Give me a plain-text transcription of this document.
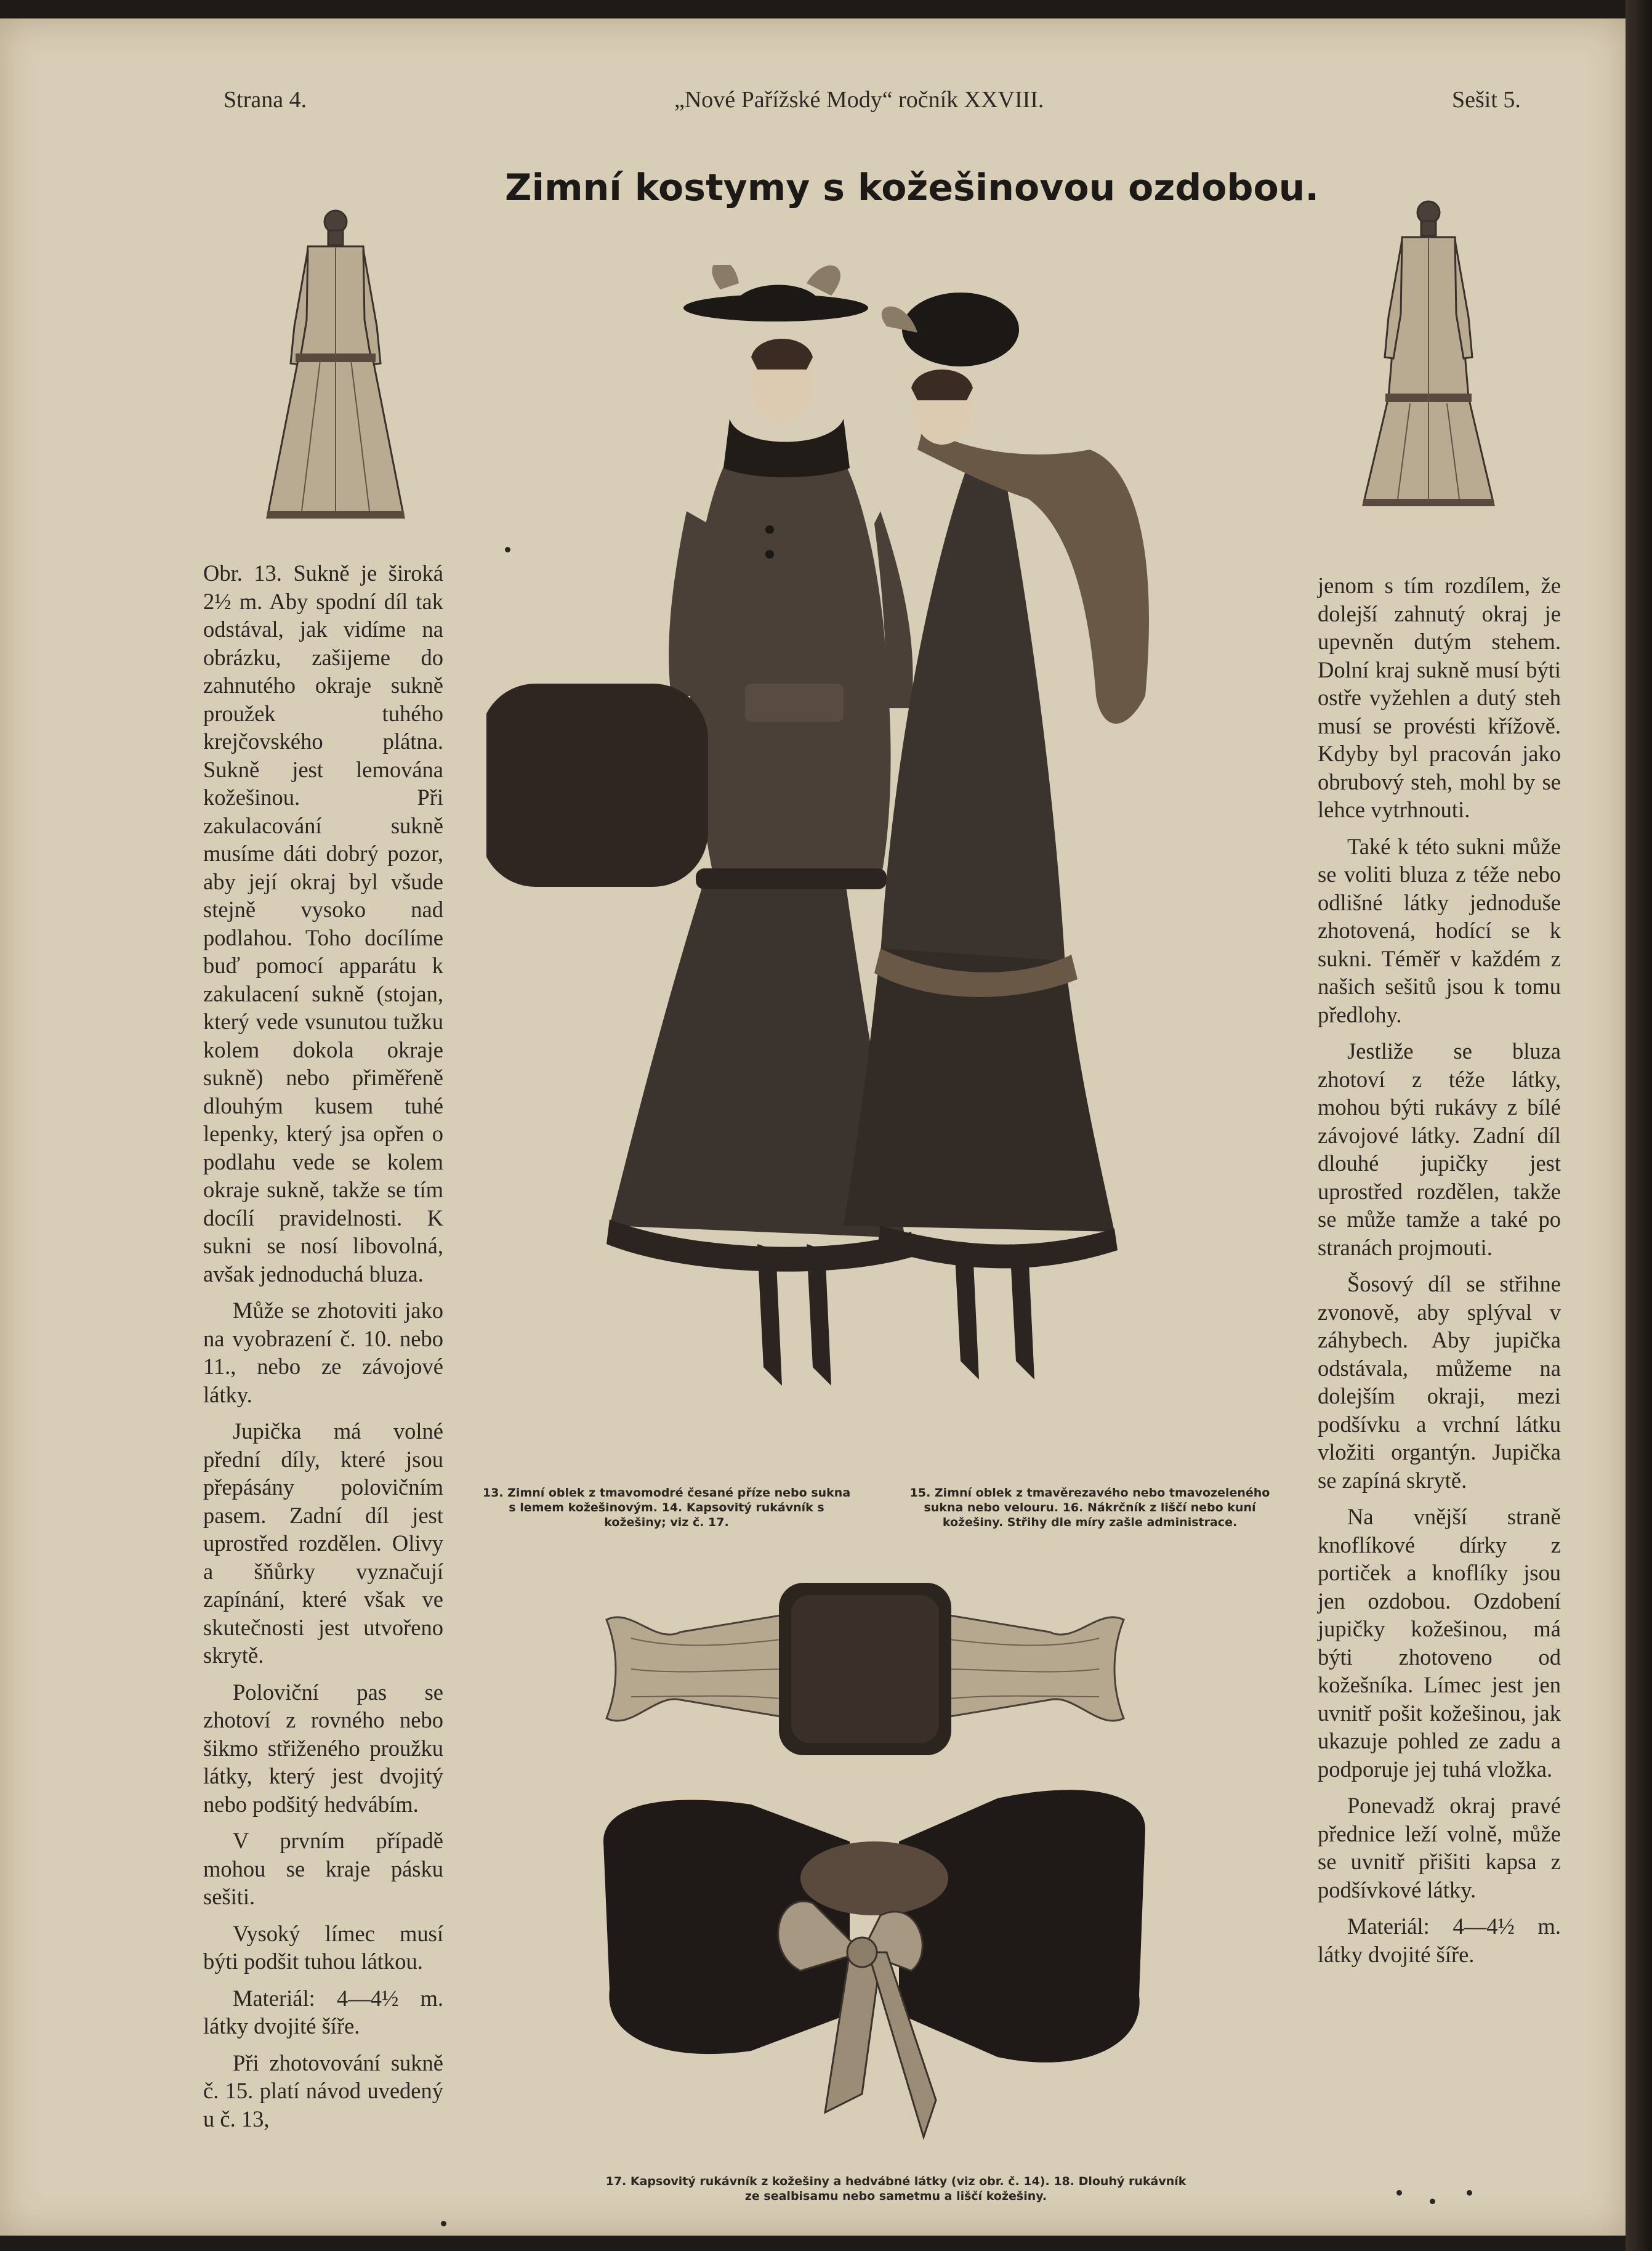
Strana 4.	„Nové Pařížské Mody“ ročník XXVIII.	Sešit 5.
Zimní kostymy s kožešinovou ozdobou.

Obr. 13. Sukně je široká 2½ m. Aby spodní díl tak odstával, jak vidíme na obrázku, zašijeme do zahnutého okraje sukně proužek tuhého krejčovského plátna. Sukně jest lemována kožešinou. Při zakulacování sukně musíme dáti dobrý pozor, aby její okraj byl všude stejně vysoko nad podlahou. Toho docílíme buď pomocí apparátu k zakulacení sukně (stojan, který vede vsunutou tužku kolem dokola okraje sukně) nebo přiměřeně dlouhým kusem tuhé lepenky, který jsa opřen o podlahu vede se kolem okraje sukně, takže se tím docílí pravidelnosti. K sukni se nosí libovolná, avšak jednoduchá bluza.

Může se zhotoviti jako na vyobrazení č. 10. nebo 11., nebo ze závojové látky.

Jupička má volné přední díly, které jsou přepásány polovičním pasem. Zadní díl jest uprostřed rozdělen. Olivy a šňůrky vyznačují zapínání, které však ve skutečnosti jest utvořeno skrytě.

Poloviční pas se zhotoví z rovného nebo šikmo střiženého proužku látky, který jest dvojitý nebo podšitý hedvábím.

V prvním případě mohou se kraje pásku sešiti.

Vysoký límec musí býti podšit tuhou látkou.

Materiál: 4—4½ m. látky dvojité šíře.

Při zhotovování sukně č. 15. platí návod uvedený u č. 13,

jenom s tím rozdílem, že dolejší zahnutý okraj je upevněn dutým stehem. Dolní kraj sukně musí býti ostře vyžehlen a dutý steh musí se provésti křížově. Kdyby byl pracován jako obrubový steh, mohl by se lehce vytrhnouti.

Také k této sukni může se voliti bluza z téže nebo odlišné látky jednoduše zhotovená, hodící se k sukni. Téměř v každém z našich sešitů jsou k tomu předlohy.

Jestliže se bluza zhotoví z téže látky, mohou býti rukávy z bílé závojové látky. Zadní díl dlouhé jupičky jest uprostřed rozdělen, takže se může tamže a také po stranách projmouti.

Šosový díl se střihne zvonově, aby splýval v záhybech. Aby jupička odstávala, můžeme na dolejším okraji, mezi podšívku a vrchní látku vložiti organtýn. Jupička se zapíná skrytě.

Na vnější straně knoflíkové dírky z portiček a knoflíky jsou jen ozdobou. Ozdobení jupičky kožešinou, má býti zhotoveno od kožešníka. Límec jest jen uvnitř pošit kožešinou, jak ukazuje pohled ze zadu a podporuje jej tuhá vložka.

Ponevadž okraj pravé přednice leží volně, může se uvnitř přišiti kapsa z podšívkové látky.

Materiál: 4—4½ m. látky dvojité šíře.

13. Zimní oblek z tmavomodré česané příze nebo sukna s lemem kožešinovým. 14. Kapsovitý rukávník s kožešiny; viz č. 17.
15. Zimní oblek z tmavěrezavého nebo tmavozeleného sukna nebo velouru. 16. Nákrčník z liščí nebo kuní kožešiny. Střihy dle míry zašle administrace.
17. Kapsovitý rukávník z kožešiny a hedvábné látky (viz obr. č. 14). 18. Dlouhý rukávník ze sealbisamu nebo sametmu a liščí kožešiny.
